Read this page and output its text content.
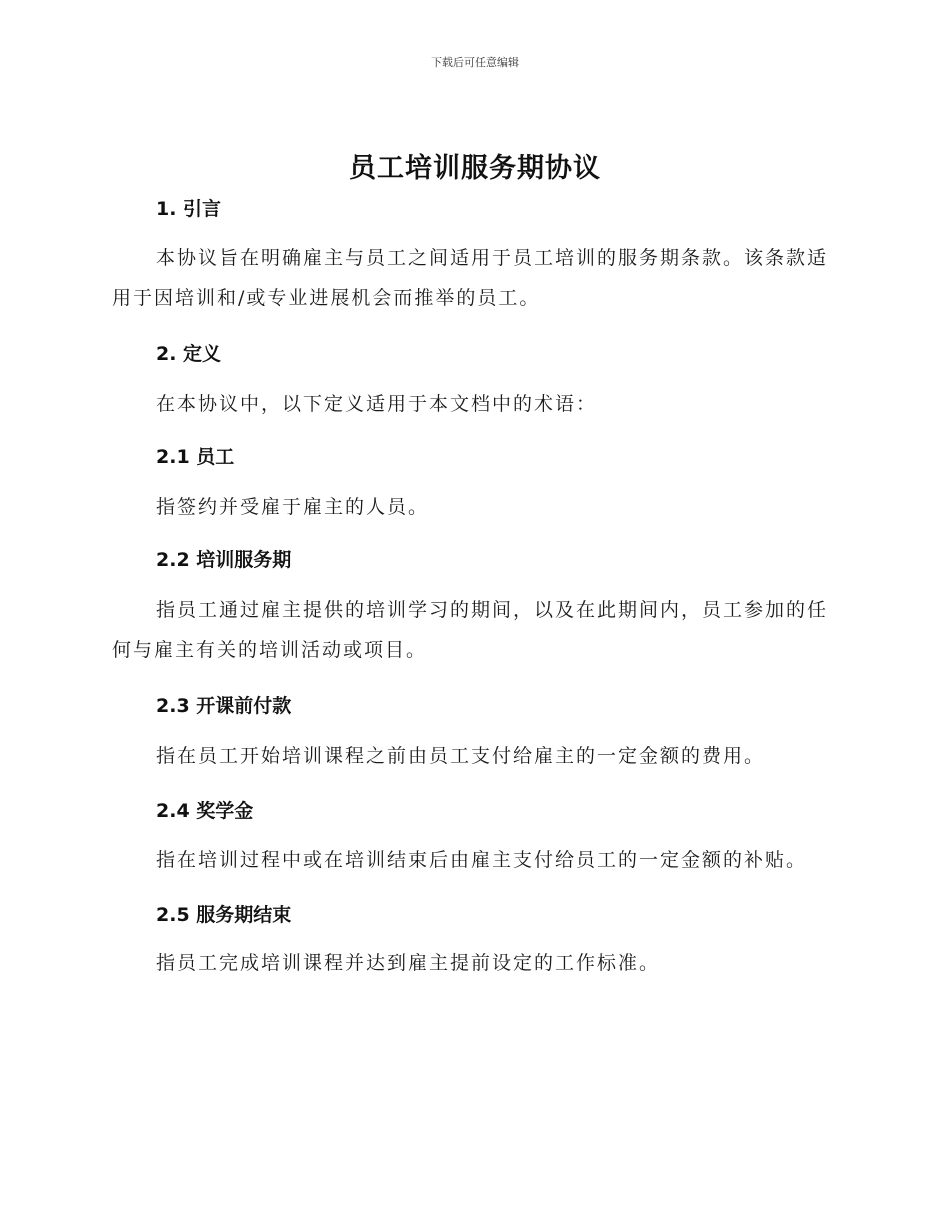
下载后可任意编辑
员工培训服务期协议
1. 引言
本协议旨在明确雇主与员工之间适用于员工培训的服务期条款。该条款适用于因培训和/或专业进展机会而推举的员工。
2. 定义
在本协议中，以下定义适用于本文档中的术语：
2.1 员工
指签约并受雇于雇主的人员。
2.2 培训服务期
指员工通过雇主提供的培训学习的期间，以及在此期间内，员工参加的任何与雇主有关的培训活动或项目。
2.3 开课前付款
指在员工开始培训课程之前由员工支付给雇主的一定金额的费用。
2.4 奖学金
指在培训过程中或在培训结束后由雇主支付给员工的一定金额的补贴。
2.5 服务期结束
指员工完成培训课程并达到雇主提前设定的工作标准。
